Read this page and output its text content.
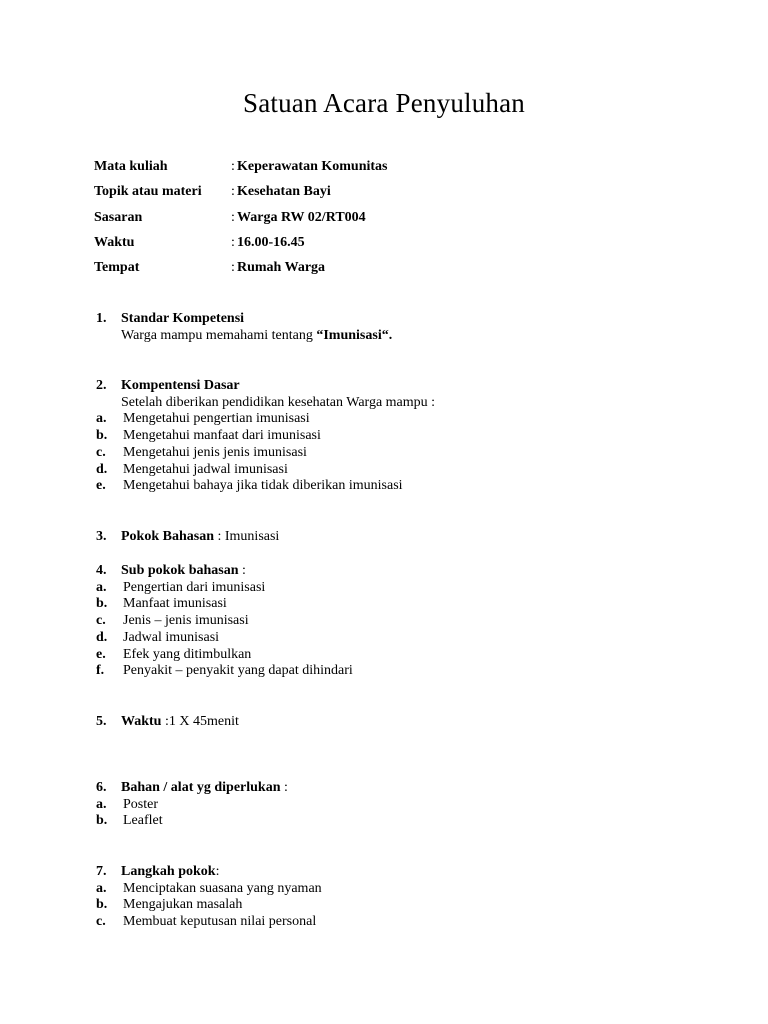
Satuan Acara Penyuluhan
Mata kuliah	: Keperawatan Komunitas
Topik atau materi : Kesehatan Bayi
Sasaran	: Warga RW 02/RT004
Waktu	: 16.00-16.45
Tempat	: Rumah Warga
1. Standar Kompetensi
Warga mampu memahami tentang “Imunisasi“.
2. Kompentensi Dasar
Setelah diberikan pendidikan kesehatan Warga mampu :
a. Mengetahui pengertian imunisasi
b. Mengetahui manfaat dari imunisasi
c. Mengetahui jenis jenis imunisasi
d. Mengetahui jadwal imunisasi
e. Mengetahui bahaya jika tidak diberikan imunisasi
3. Pokok Bahasan : Imunisasi
4. Sub pokok bahasan :
a. Pengertian dari imunisasi
b. Manfaat imunisasi
c. Jenis – jenis imunisasi
d. Jadwal imunisasi
e. Efek yang ditimbulkan
f. Penyakit – penyakit yang dapat dihindari
5. Waktu :1 X 45menit
6. Bahan / alat yg diperlukan :
a. Poster
b. Leaflet
7. Langkah pokok:
a. Menciptakan suasana yang nyaman
b. Mengajukan masalah
c. Membuat keputusan nilai personal
